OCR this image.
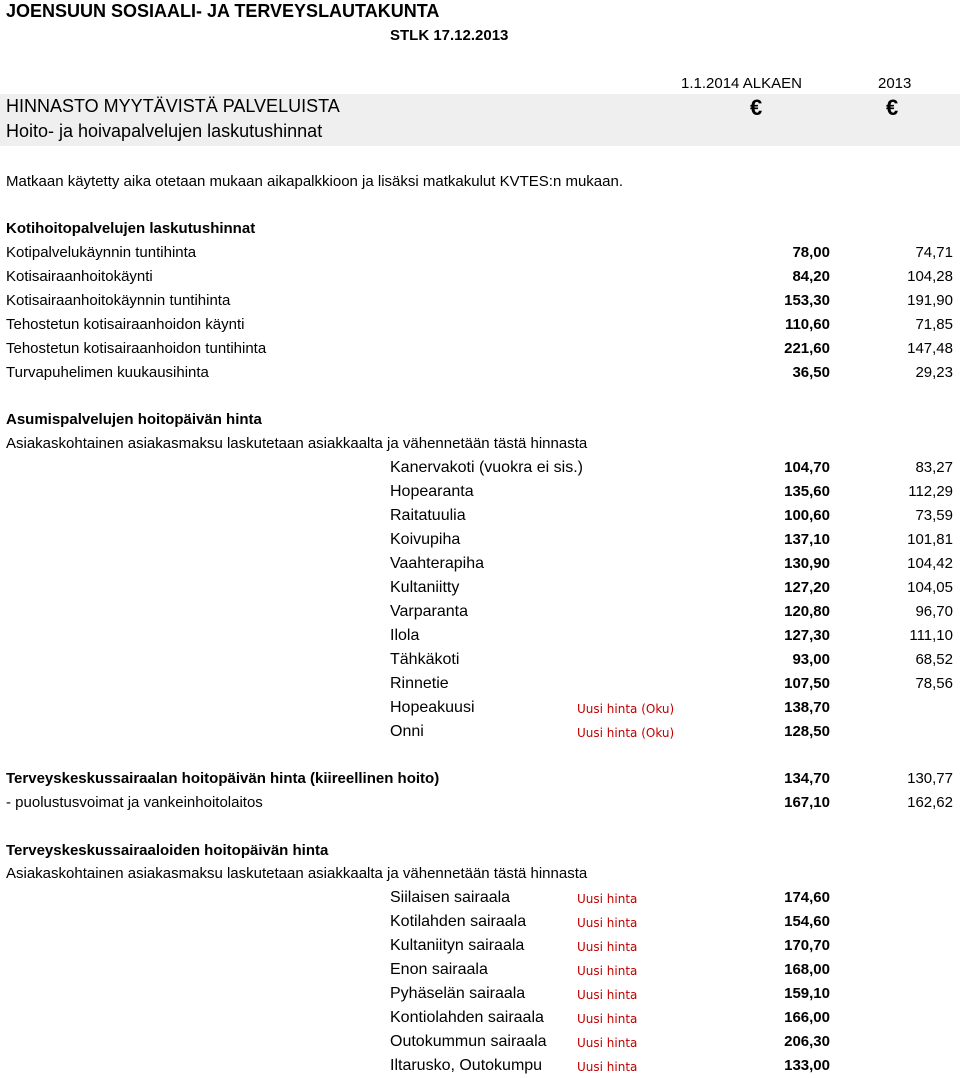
JOENSUUN SOSIAALI- JA TERVEYSLAUTAKUNTA
STLK 17.12.2013
1.1.2014 ALKAEN	2013
HINNASTO MYYTÄVISTÄ PALVELUISTA
Hoito- ja hoivapalvelujen laskutushinnat
€	€
Matkaan käytetty aika otetaan mukaan aikapalkkioon ja lisäksi matkakulut KVTES:n mukaan.
Kotihoitopalvelujen laskutushinnat
Kotipalvelukäynnin tuntihinta	78,00	74,71
Kotisairaanhoitokäynti	84,20	104,28
Kotisairaanhoitokäynnin tuntihinta	153,30	191,90
Tehostetun kotisairaanhoidon käynti	110,60	71,85
Tehostetun kotisairaanhoidon tuntihinta	221,60	147,48
Turvapuhelimen kuukausihinta	36,50	29,23
Asumispalvelujen hoitopäivän hinta
Asiakaskohtainen asiakasmaksu laskutetaan asiakkaalta ja vähennetään tästä hinnasta
Kanervakoti (vuokra ei sis.)	104,70	83,27
Hopearanta	135,60	112,29
Raitatuulia	100,60	73,59
Koivupiha	137,10	101,81
Vaahterapiha	130,90	104,42
Kultaniitty	127,20	104,05
Varparanta	120,80	96,70
Ilola	127,30	111,10
Tähkäkoti	93,00	68,52
Rinnetie	107,50	78,56
Hopeakuusi	Uusi hinta (Oku)	138,70
Onni	Uusi hinta (Oku)	128,50
Terveyskeskussairaalan hoitopäivän hinta (kiireellinen hoito)	134,70	130,77
- puolustusvoimat ja vankeinhoitolaitos	167,10	162,62
Terveyskeskussairaaloiden hoitopäivän hinta
Asiakaskohtainen asiakasmaksu laskutetaan asiakkaalta ja vähennetään tästä hinnasta
Siilaisen sairaala	Uusi hinta	174,60
Kotilahden sairaala	Uusi hinta	154,60
Kultaniityn sairaala	Uusi hinta	170,70
Enon sairaala	Uusi hinta	168,00
Pyhäselän sairaala	Uusi hinta	159,10
Kontiolahden sairaala	Uusi hinta	166,00
Outokummun sairaala	Uusi hinta	206,30
Iltarusko, Outokumpu	Uusi hinta	133,00
